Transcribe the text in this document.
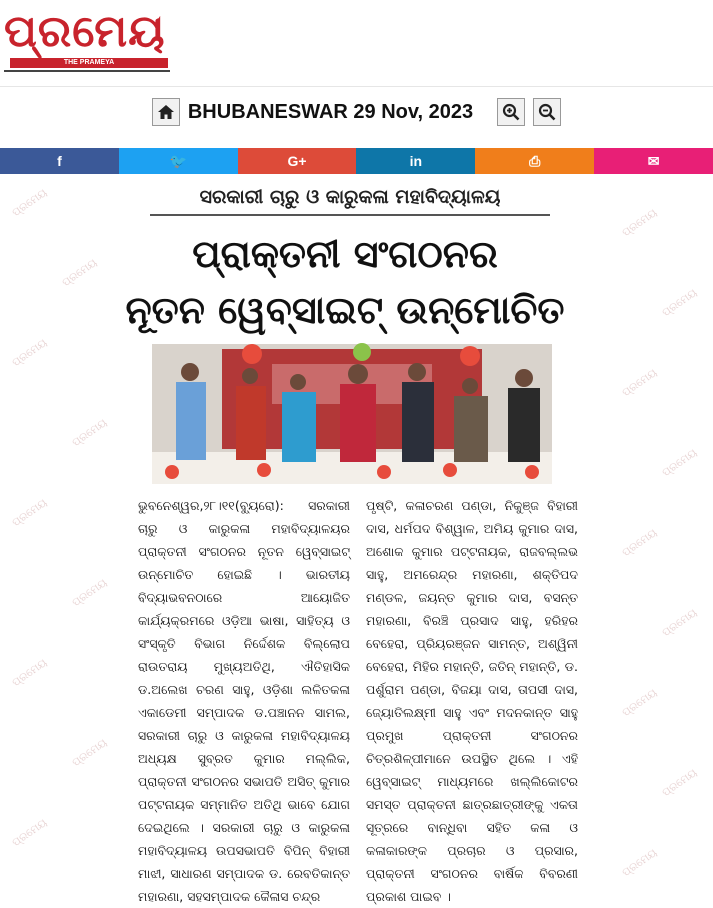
ପ୍ରମେୟ
THE PRAMEYA
BHUBANESWAR 29 Nov, 2023
f	🐦	G+	in	⎙	✉
ପ୍ରମେୟ
ପ୍ରମେୟ
ପ୍ରମେୟ
ପ୍ରମେୟ
ପ୍ରମେୟ
ପ୍ରମେୟ
ପ୍ରମେୟ
ପ୍ରମେୟ
ପ୍ରମେୟ
ପ୍ରମେୟ
ପ୍ରମେୟ
ପ୍ରମେୟ
ପ୍ରମେୟ
ପ୍ରମେୟ
ପ୍ରମେୟ
ପ୍ରମେୟ
ପ୍ରମେୟ
ପ୍ରମେୟ
ସରକାରୀ ଚାରୁ ଓ କାରୁକଳା ମହାବିଦ୍ୟାଳୟ
ପ୍ରାକ୍ତନୀ ସଂଗଠନର
ନୂତନ ୱେବ୍‌ସାଇଟ୍ ଉନ୍ମୋଚିତ
ଭୁବନେଶ୍ୱର,୨୮।୧୧(ବ୍ୟୁରୋ): ସରକାରୀ ଚାରୁ ଓ କାରୁକଳା ମହାବିଦ୍ୟାଳୟର ପ୍ରାକ୍ତନୀ ସଂଗଠନର ନୂତନ ୱେବ୍‌ସାଇଟ୍ ଉନ୍ମୋଚିତ ହୋଇଛି । ଭାରତୀୟ ବିଦ୍ୟାଭବନଠାରେ ଆୟୋଜିତ କାର୍ଯ୍ୟକ୍ରମରେ ଓଡ଼ିଆ ଭାଷା, ସାହିତ୍ୟ ଓ ସଂସ୍କୃତି ବିଭାଗ ନିର୍ଦ୍ଦେଶକ ବିଲ୍ଲୋପ ରାଉତରାୟ ମୁଖ୍ୟଅତିଥି, ଐତିହାସିକ ଡ.ଅଲେଖ ଚରଣ ସାହୁ, ଓଡ଼ିଶା ଲଳିତକଳା ଏକାଡେମୀ ସମ୍ପାଦକ ଡ.ପଞ୍ଚାନନ ସାମଲ, ସରକାରୀ ଚାରୁ ଓ କାରୁକଳା ମହାବିଦ୍ୟାଳୟ ଅଧ୍ୟକ୍ଷ ସୁବ୍ରତ କୁମାର ମଲ୍ଲିକ, ପ୍ରାକ୍ତନୀ ସଂଗଠନର ସଭାପତି ଅସିତ୍ କୁମାର ପଟ୍ଟନାୟକ ସମ୍ମାନିତ ଅତିଥି ଭାବେ ଯୋଗ ଦେଇଥିଲେ । ସରକାରୀ ଚାରୁ ଓ କାରୁକଳା ମହାବିଦ୍ୟାଳୟ ଉପସଭାପତି ବିପିନ୍ ବିହାରୀ ମାଝୀ, ସାଧାରଣ ସମ୍ପାଦକ ଡ. ରେବତିକାନ୍ତ ମହାରଣା, ସହସମ୍ପାଦକ କୈଳାସ ଚନ୍ଦ୍ର
ପୃଷ୍ଟି, କଳାଚରଣ ପଣ୍ଡା, ନିକୁଞ୍ଜ ବିହାରୀ ଦାସ, ଧର୍ମପଦ ବିଶ୍ୱାଳ, ଅମିୟ କୁମାର ଦାସ, ଅଶୋକ କୁମାର ପଟ୍ଟନାୟକ, ରାଜବଲ୍ଲଭ ସାହୁ, ଅମରେନ୍ଦ୍ର ମହାରଣା, ଶକ୍ତିପଦ ମଣ୍ଡଳ, ଜୟନ୍ତ କୁମାର ଦାସ, ବସନ୍ତ ମହାରଣା, ବିରଞ୍ଚି ପ୍ରସାଦ ସାହୁ, ହରିହର ବେହେରା, ପ୍ରିୟରଞ୍ଜନ ସାମନ୍ତ, ଅଶ୍ୱିନୀ ବେହେରା, ମିହିର ମହାନ୍ତି, ଜତିନ୍ ମହାନ୍ତି, ଡ. ପର୍ଶୁରାମ ପଣ୍ଡା, ବିଜୟା ଦାସ, ତାପସୀ ଦାସ, ଜ୍ୟୋତିଲକ୍ଷ୍ମୀ ସାହୁ ଏବଂ ମଦନକାନ୍ତ ସାହୁ ପ୍ରମୁଖ ପ୍ରାକ୍ତନୀ ସଂଗଠନର ଚିତ୍ରଶିଳ୍ପୀମାନେ ଉପସ୍ଥିତ ଥିଲେ । ଏହି ୱେବ୍‌ସାଇଟ୍ ମାଧ୍ୟମରେ ଖଲ୍ଲିକୋଟର ସମସ୍ତ ପ୍ରାକ୍ତନୀ ଛାତ୍ରଛାତ୍ରୀଙ୍କୁ ଏକତା ସୂତ୍ରରେ ବାନ୍ଧିବା ସହିତ କଳା ଓ କଳାକାରଙ୍କ ପ୍ରଚାର ଓ ପ୍ରସାର, ପ୍ରାକ୍ତନୀ ସଂଗଠନର ବାର୍ଷିକ ବିବରଣୀ ପ୍ରକାଶ ପାଇବ ।
